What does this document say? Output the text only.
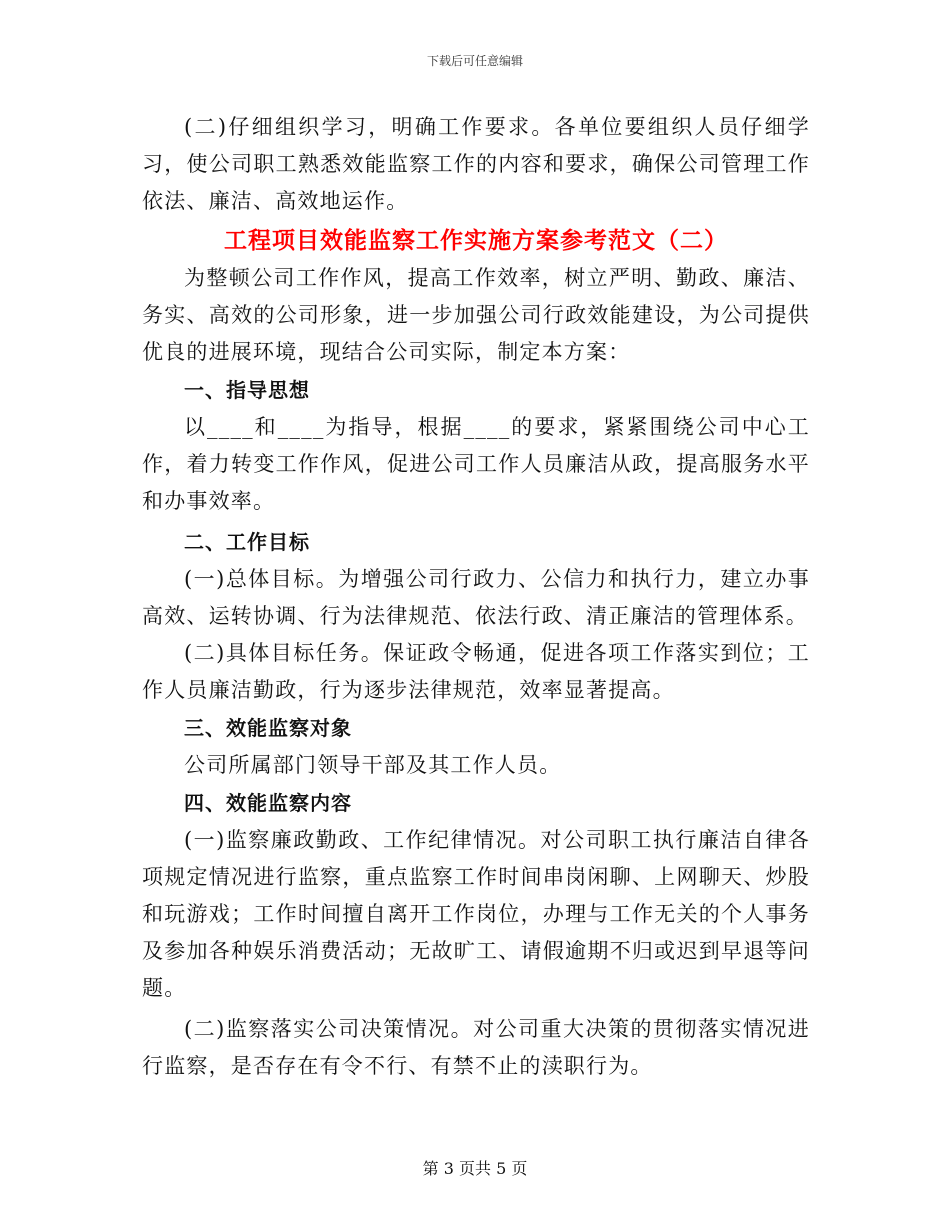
下载后可任意编辑

(二)仔细组织学习，明确工作要求。各单位要组织人员仔细学习，使公司职工熟悉效能监察工作的内容和要求，确保公司管理工作依法、廉洁、高效地运作。

工程项目效能监察工作实施方案参考范文（二）

为整顿公司工作作风，提高工作效率，树立严明、勤政、廉洁、务实、高效的公司形象，进一步加强公司行政效能建设，为公司提供优良的进展环境，现结合公司实际，制定本方案：

一、指导思想

以____和____为指导，根据____的要求，紧紧围绕公司中心工作，着力转变工作作风，促进公司工作人员廉洁从政，提高服务水平和办事效率。

二、工作目标

(一)总体目标。为增强公司行政力、公信力和执行力，建立办事高效、运转协调、行为法律规范、依法行政、清正廉洁的管理体系。

(二)具体目标任务。保证政令畅通，促进各项工作落实到位；工作人员廉洁勤政，行为逐步法律规范，效率显著提高。

三、效能监察对象

公司所属部门领导干部及其工作人员。

四、效能监察内容

(一)监察廉政勤政、工作纪律情况。对公司职工执行廉洁自律各项规定情况进行监察，重点监察工作时间串岗闲聊、上网聊天、炒股和玩游戏；工作时间擅自离开工作岗位，办理与工作无关的个人事务及参加各种娱乐消费活动；无故旷工、请假逾期不归或迟到早退等问题。

(二)监察落实公司决策情况。对公司重大决策的贯彻落实情况进行监察，是否存在有令不行、有禁不止的渎职行为。

第 3 页共 5 页
